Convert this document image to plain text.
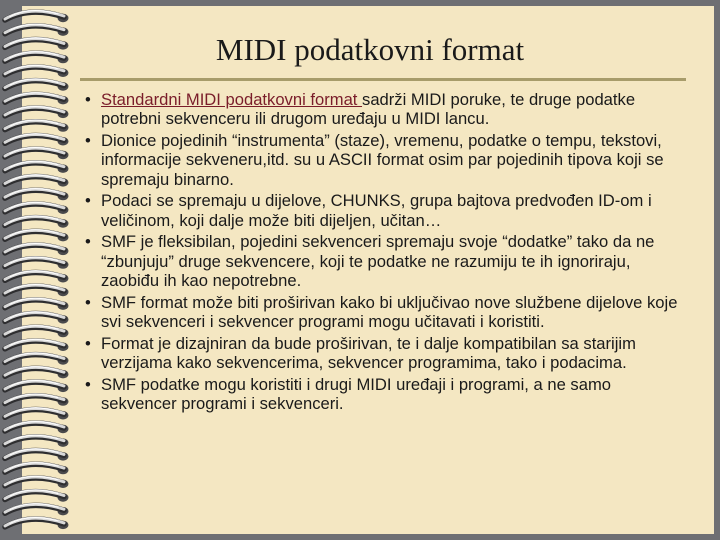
MIDI podatkovni format
• Standardni MIDI podatkovni format sadrži MIDI poruke, te druge podatke potrebni sekvenceru ili drugom uređaju u MIDI lancu.
• Dionice pojedinih “instrumenta” (staze), vremenu, podatke o tempu, tekstovi, informacije sekveneru,itd. su u ASCII format osim par pojedinih tipova koji se spremaju binarno.
• Podaci se spremaju u dijelove, CHUNKS, grupa bajtova predvođen ID-om i veličinom, koji dalje može biti dijeljen, učitan…
• SMF je fleksibilan, pojedini sekvenceri spremaju svoje “dodatke” tako da ne “zbunjuju” druge sekvencere, koji te podatke ne razumiju te ih ignoriraju, zaobiđu ih kao nepotrebne.
• SMF format može biti proširivan kako bi uključivao nove službene dijelove koje svi sekvenceri i sekvencer programi mogu učitavati i koristiti.
• Format je dizajniran da bude proširivan, te i dalje kompatibilan sa starijim verzijama kako sekvencerima, sekvencer programima, tako i podacima.
• SMF podatke mogu koristiti i drugi MIDI uređaji i programi, a ne samo sekvencer programi i sekvenceri.
